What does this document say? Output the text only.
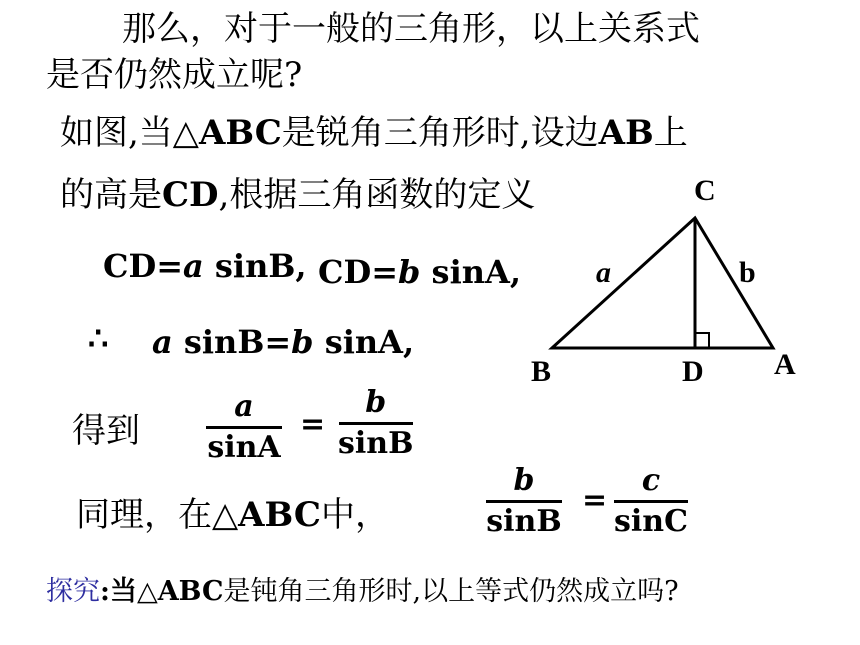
那么，对于一般的三角形，以上关系式
是否仍然成立呢?
如图,当△ABC是锐角三角形时,设边AB上
的高是CD,根据三角函数的定义
CD=a sinB, CD=b sinA,
∴ a sinB=b sinA,
得到
a
sinA
=
b
sinB
同理，在△ABC中，
b
sinB
=
c
sinC
探究:当△ABC是钝角三角形时,以上等式仍然成立吗?
C
B	D A
a	b
